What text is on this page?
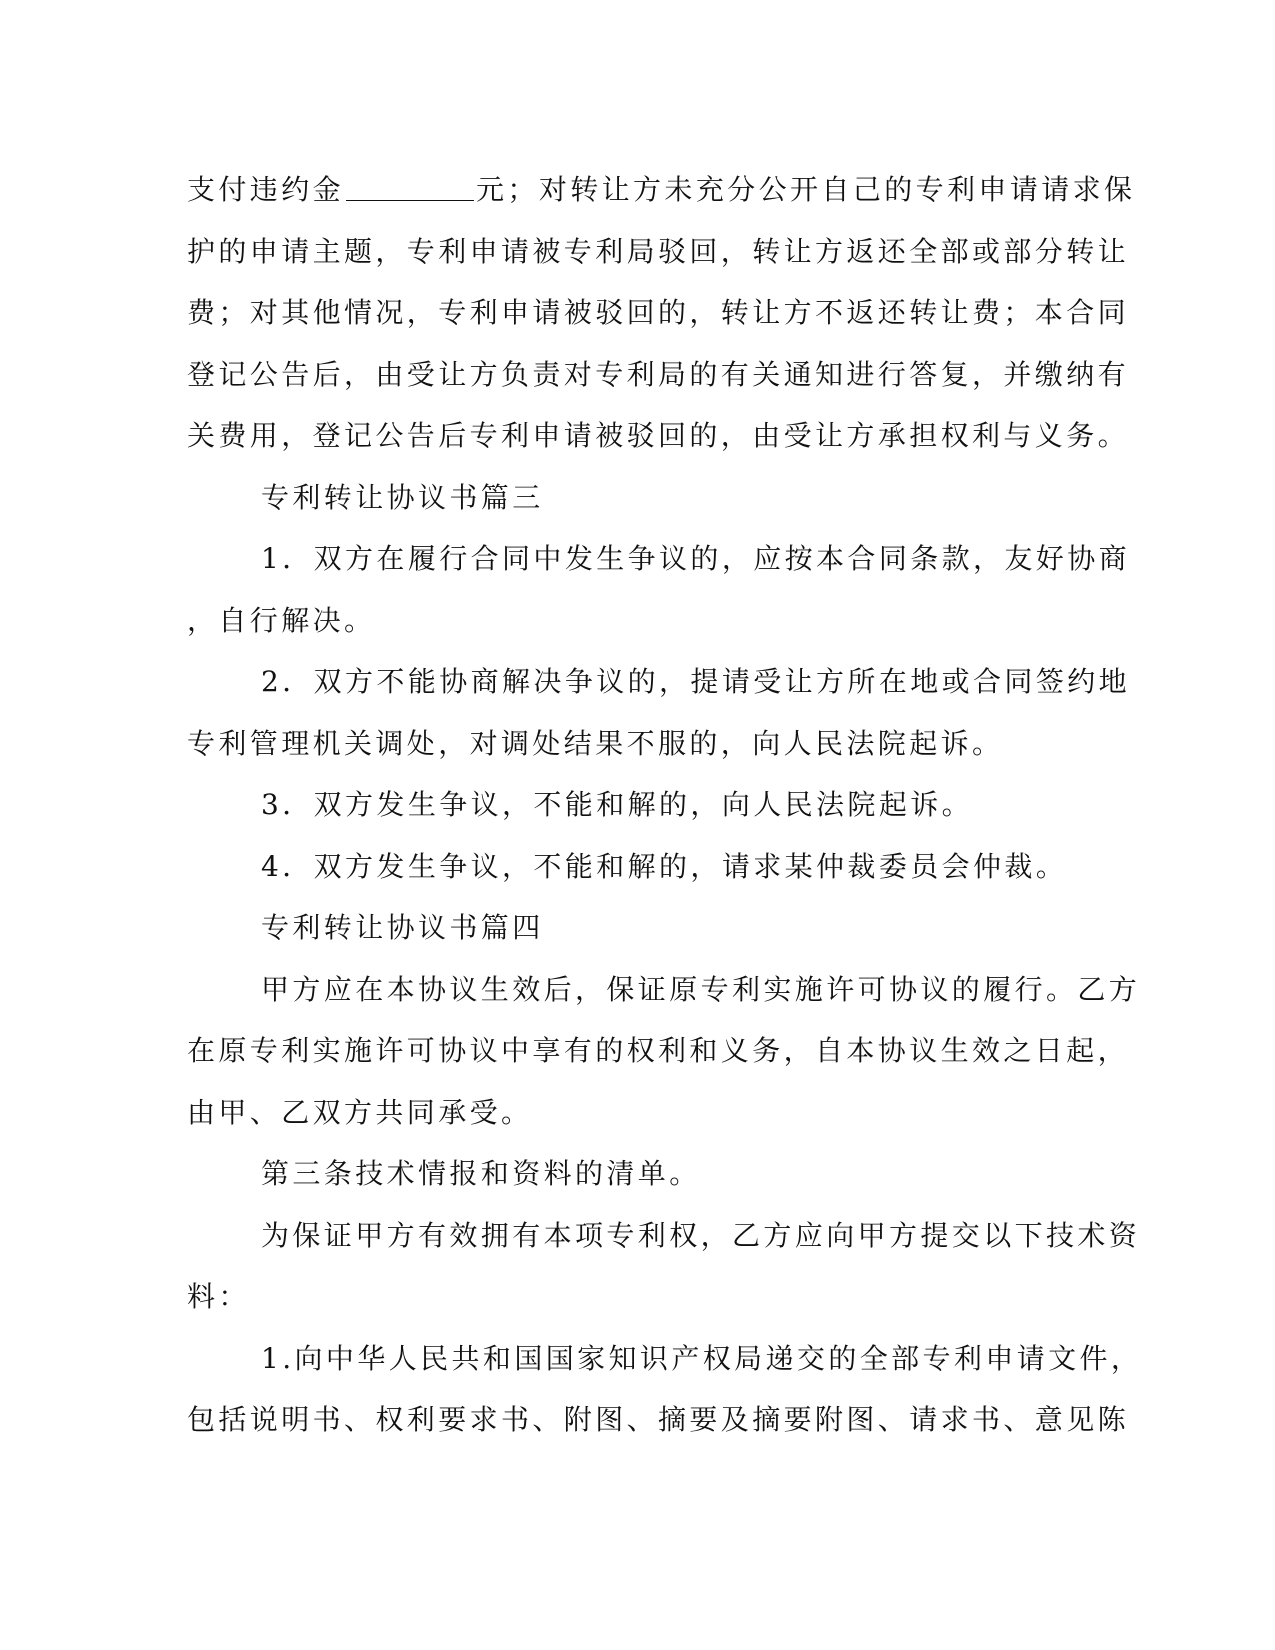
支付违约金	元；对转让方未充分公开自己的专利申请请求保
护的申请主题，专利申请被专利局驳回，转让方返还全部或部分转让
费；对其他情况，专利申请被驳回的，转让方不返还转让费；本合同
登记公告后，由受让方负责对专利局的有关通知进行答复，并缴纳有
关费用，登记公告后专利申请被驳回的，由受让方承担权利与义务。
专利转让协议书篇三
1．双方在履行合同中发生争议的，应按本合同条款，友好协商
，自行解决。
2．双方不能协商解决争议的，提请受让方所在地或合同签约地
专利管理机关调处，对调处结果不服的，向人民法院起诉。
3．双方发生争议，不能和解的，向人民法院起诉。
4．双方发生争议，不能和解的，请求某仲裁委员会仲裁。
专利转让协议书篇四
甲方应在本协议生效后，保证原专利实施许可协议的履行。乙方
在原专利实施许可协议中享有的权利和义务，自本协议生效之日起，
由甲、乙双方共同承受。
第三条技术情报和资料的清单。
为保证甲方有效拥有本项专利权，乙方应向甲方提交以下技术资
料：
1.向中华人民共和国国家知识产权局递交的全部专利申请文件，
包括说明书、权利要求书、附图、摘要及摘要附图、请求书、意见陈
